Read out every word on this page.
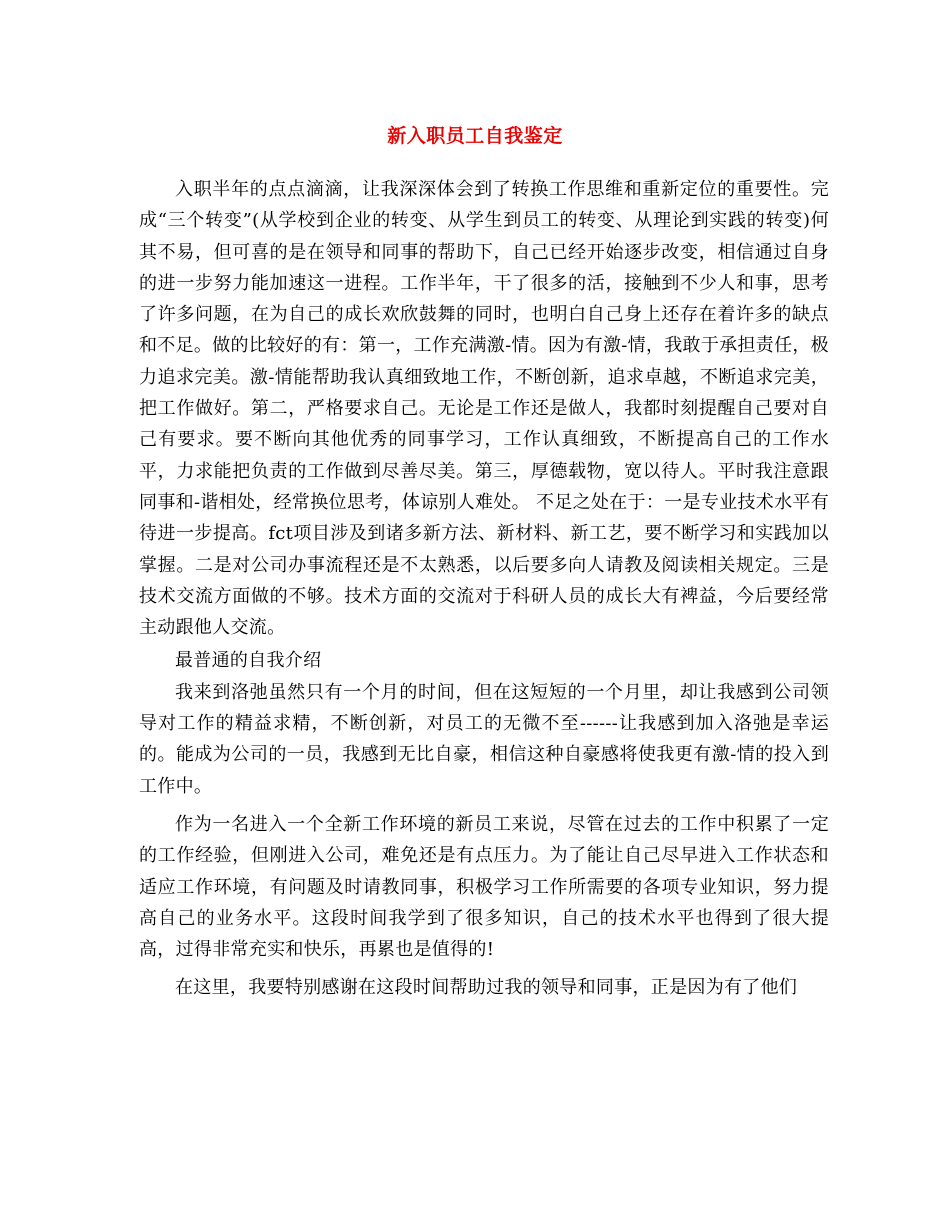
新入职员工自我鉴定

入职半年的点点滴滴，让我深深体会到了转换工作思维和重新定位的重要性。完成“三个转变”(从学校到企业的转变、从学生到员工的转变、从理论到实践的转变)何其不易，但可喜的是在领导和同事的帮助下，自己已经开始逐步改变，相信通过自身的进一步努力能加速这一进程。工作半年，干了很多的活，接触到不少人和事，思考了许多问题，在为自己的成长欢欣鼓舞的同时，也明白自己身上还存在着许多的缺点和不足。做的比较好的有：第一，工作充满激-情。因为有激-情，我敢于承担责任，极力追求完美。激-情能帮助我认真细致地工作，不断创新，追求卓越，不断追求完美，把工作做好。第二，严格要求自己。无论是工作还是做人，我都时刻提醒自己要对自己有要求。要不断向其他优秀的同事学习，工作认真细致，不断提高自己的工作水平，力求能把负责的工作做到尽善尽美。第三，厚德载物，宽以待人。平时我注意跟同事和-谐相处，经常换位思考，体谅别人难处。 不足之处在于：一是专业技术水平有待进一步提高。fct项目涉及到诸多新方法、新材料、新工艺，要不断学习和实践加以掌握。二是对公司办事流程还是不太熟悉，以后要多向人请教及阅读相关规定。三是技术交流方面做的不够。技术方面的交流对于科研人员的成长大有裨益，今后要经常主动跟他人交流。

最普通的自我介绍

我来到洛弛虽然只有一个月的时间，但在这短短的一个月里，却让我感到公司领导对工作的精益求精，不断创新，对员工的无微不至------让我感到加入洛弛是幸运的。能成为公司的一员，我感到无比自豪，相信这种自豪感将使我更有激-情的投入到工作中。

作为一名进入一个全新工作环境的新员工来说，尽管在过去的工作中积累了一定的工作经验，但刚进入公司，难免还是有点压力。为了能让自己尽早进入工作状态和适应工作环境，有问题及时请教同事，积极学习工作所需要的各项专业知识，努力提高自己的业务水平。这段时间我学到了很多知识，自己的技术水平也得到了很大提高，过得非常充实和快乐，再累也是值得的!

在这里，我要特别感谢在这段时间帮助过我的领导和同事，正是因为有了他们
